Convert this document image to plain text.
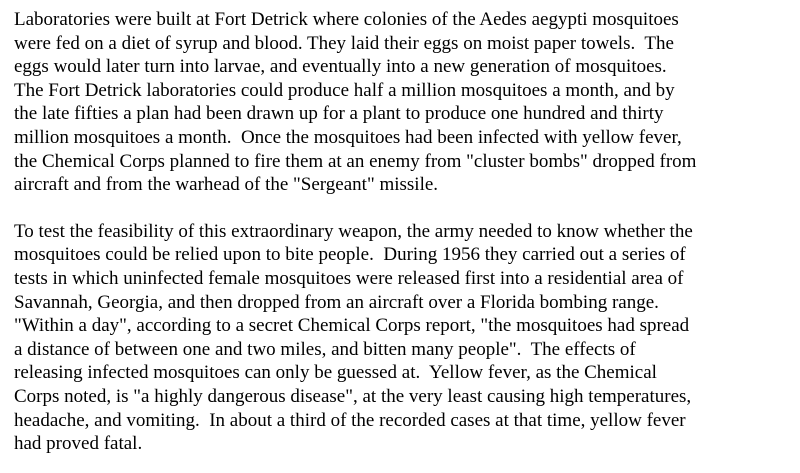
Laboratories were built at Fort Detrick where colonies of the Aedes aegypti mosquitoes
were fed on a diet of syrup and blood. They laid their eggs on moist paper towels.  The
eggs would later turn into larvae, and eventually into a new generation of mosquitoes.
The Fort Detrick laboratories could produce half a million mosquitoes a month, and by
the late fifties a plan had been drawn up for a plant to produce one hundred and thirty
million mosquitoes a month.  Once the mosquitoes had been infected with yellow fever,
the Chemical Corps planned to fire them at an enemy from "cluster bombs" dropped from
aircraft and from the warhead of the "Sergeant" missile.

To test the feasibility of this extraordinary weapon, the army needed to know whether the
mosquitoes could be relied upon to bite people.  During 1956 they carried out a series of
tests in which uninfected female mosquitoes were released first into a residential area of
Savannah, Georgia, and then dropped from an aircraft over a Florida bombing range.
"Within a day", according to a secret Chemical Corps report, "the mosquitoes had spread
a distance of between one and two miles, and bitten many people".  The effects of
releasing infected mosquitoes can only be guessed at.  Yellow fever, as the Chemical
Corps noted, is "a highly dangerous disease", at the very least causing high temperatures,
headache, and vomiting.  In about a third of the recorded cases at that time, yellow fever
had proved fatal.
